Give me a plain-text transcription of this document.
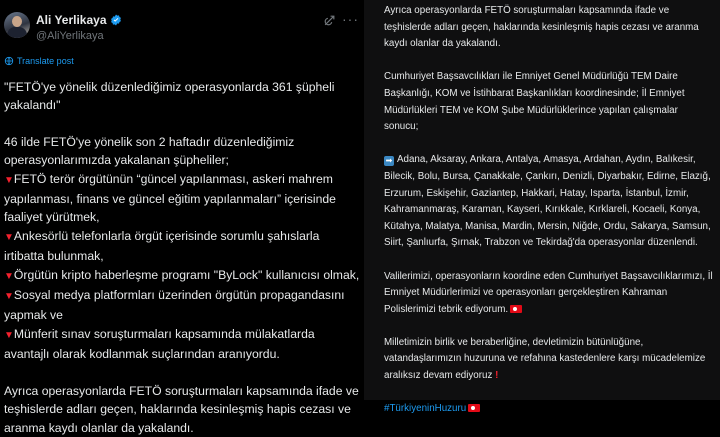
Ali Yerlikaya
@AliYerlikaya
···
Translate post

"FETÖ'ye yönelik düzenlediğimiz operasyonlarda 361 şüpheli yakalandı"

46 ilde FETÖ'ye yönelik son 2 haftadır düzenlediğimiz operasyonlarımızda yakalanan şüpheliler;

▼FETÖ terör örgütünün “güncel yapılanması, askeri mahrem yapılanması, finans ve güncel eğitim yapılanmaları” içerisinde faaliyet yürütmek,

▼Ankesörlü telefonlarla örgüt içerisinde sorumlu şahıslarla irtibatta bulunmak,

▼Örgütün kripto haberleşme programı "ByLock" kullanıcısı olmak,

▼Sosyal medya platformları üzerinden örgütün propagandasını yapmak ve

▼Münferit sınav soruşturmaları kapsamında mülakatlarda avantajlı olarak kodlanmak suçlarından aranıyordu.

Ayrıca operasyonlarda FETÖ soruşturmaları kapsamında ifade ve teşhislerde adları geçen, haklarında kesinleşmiş hapis cezası ve aranma kaydı olanlar da yakalandı.

Ayrıca operasyonlarda FETÖ soruşturmaları kapsamında ifade ve teşhislerde adları geçen, haklarında kesinleşmiş hapis cezası ve aranma kaydı olanlar da yakalandı.

Cumhuriyet Başsavcılıkları ile Emniyet Genel Müdürlüğü TEM Daire Başkanlığı, KOM ve İstihbarat Başkanlıkları koordinesinde; İl Emniyet Müdürlükleri TEM ve KOM Şube Müdürlüklerince yapılan çalışmalar sonucu;

➡ Adana, Aksaray, Ankara, Antalya, Amasya, Ardahan, Aydın, Balıkesir, Bilecik, Bolu, Bursa, Çanakkale, Çankırı, Denizli, Diyarbakır, Edirne, Elazığ, Erzurum, Eskişehir, Gaziantep, Hakkari, Hatay, Isparta, İstanbul, İzmir, Kahramanmaraş, Karaman, Kayseri, Kırıkkale, Kırklareli, Kocaeli, Konya, Kütahya, Malatya, Manisa, Mardin, Mersin, Niğde, Ordu, Sakarya, Samsun, Siirt, Şanlıurfa, Şırnak, Trabzon ve Tekirdağ'da operasyonlar düzenlendi.

Valilerimizi, operasyonların koordine eden Cumhuriyet Başsavcılıklarımızı, İl Emniyet Müdürlerimizi ve operasyonları gerçekleştiren Kahraman Polislerimizi tebrik ediyorum.

Milletimizin birlik ve beraberliğine, devletimizin bütünlüğüne, vatandaşlarımızın huzuruna ve refahına kastedenlere karşı mücadelemize aralıksız devam ediyoruz !

#TürkiyeninHuzuru
